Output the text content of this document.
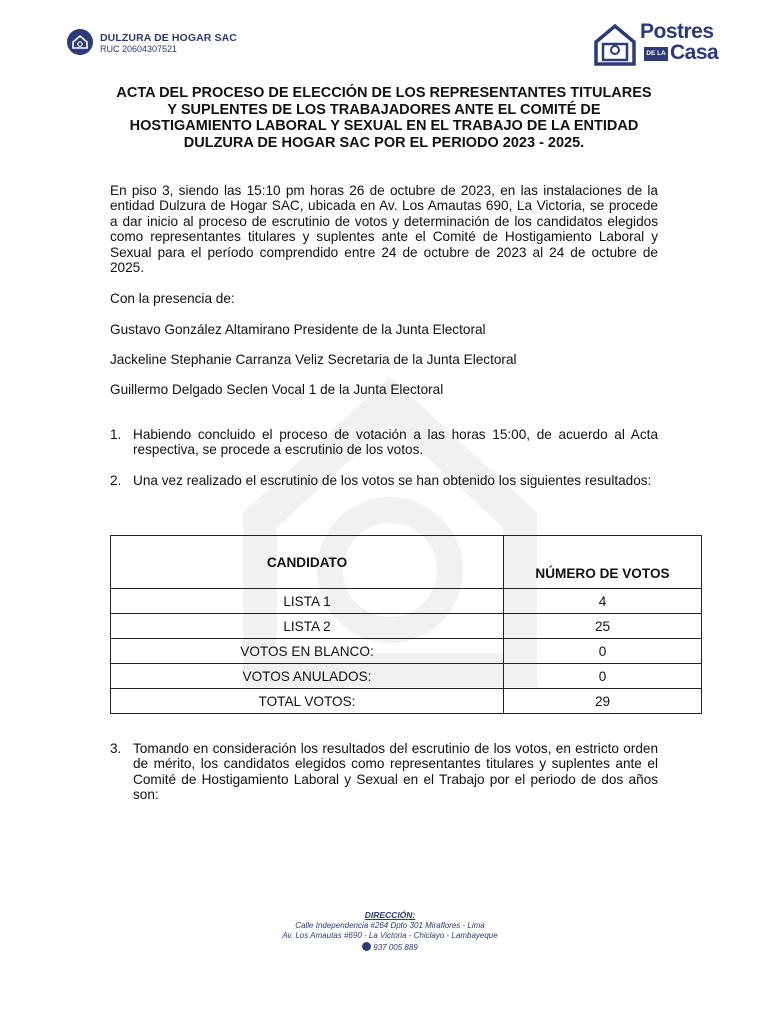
DULZURA DE HOGAR SAC
RUC 20604307521
Postres
DE LA Casa

ACTA DEL PROCESO DE ELECCIÓN DE LOS REPRESENTANTES TITULARES Y SUPLENTES DE LOS TRABAJADORES ANTE EL COMITÉ DE HOSTIGAMIENTO LABORAL Y SEXUAL EN EL TRABAJO DE LA ENTIDAD DULZURA DE HOGAR SAC POR EL PERIODO 2023 - 2025.

En piso 3, siendo las 15:10 pm horas 26 de octubre de 2023, en las instalaciones de la entidad Dulzura de Hogar SAC, ubicada en Av. Los Amautas 690, La Victoria, se procede a dar inicio al proceso de escrutinio de votos y determinación de los candidatos elegidos como representantes titulares y suplentes ante el Comité de Hostigamiento Laboral y Sexual para el período comprendido entre 24 de octubre de 2023 al 24 de octubre de 2025.

Con la presencia de:

Gustavo González Altamirano Presidente de la Junta Electoral

Jackeline Stephanie Carranza Veliz Secretaria de la Junta Electoral

Guillermo Delgado Seclen Vocal 1 de la Junta Electoral

1. Habiendo concluido el proceso de votación a las horas 15:00, de acuerdo al Acta respectiva, se procede a escrutinio de los votos.
2. Una vez realizado el escrutinio de los votos se han obtenido los siguientes resultados:
CANDIDATO	NÚMERO DE VOTOS
LISTA 1	4
LISTA 2	25
VOTOS EN BLANCO:	0
VOTOS ANULADOS:	0
TOTAL VOTOS:	29
3. Tomando en consideración los resultados del escrutinio de los votos, en estricto orden de mérito, los candidatos elegidos como representantes titulares y suplentes ante el Comité de Hostigamiento Laboral y Sexual en el Trabajo por el periodo de dos años son:
DIRECCIÓN:
Calle Independencia #264 Dpto 301 Miraflores - Lima
Av. Los Amautas #690 - La Victoria - Chiclayo - Lambayeque
937 005 889
